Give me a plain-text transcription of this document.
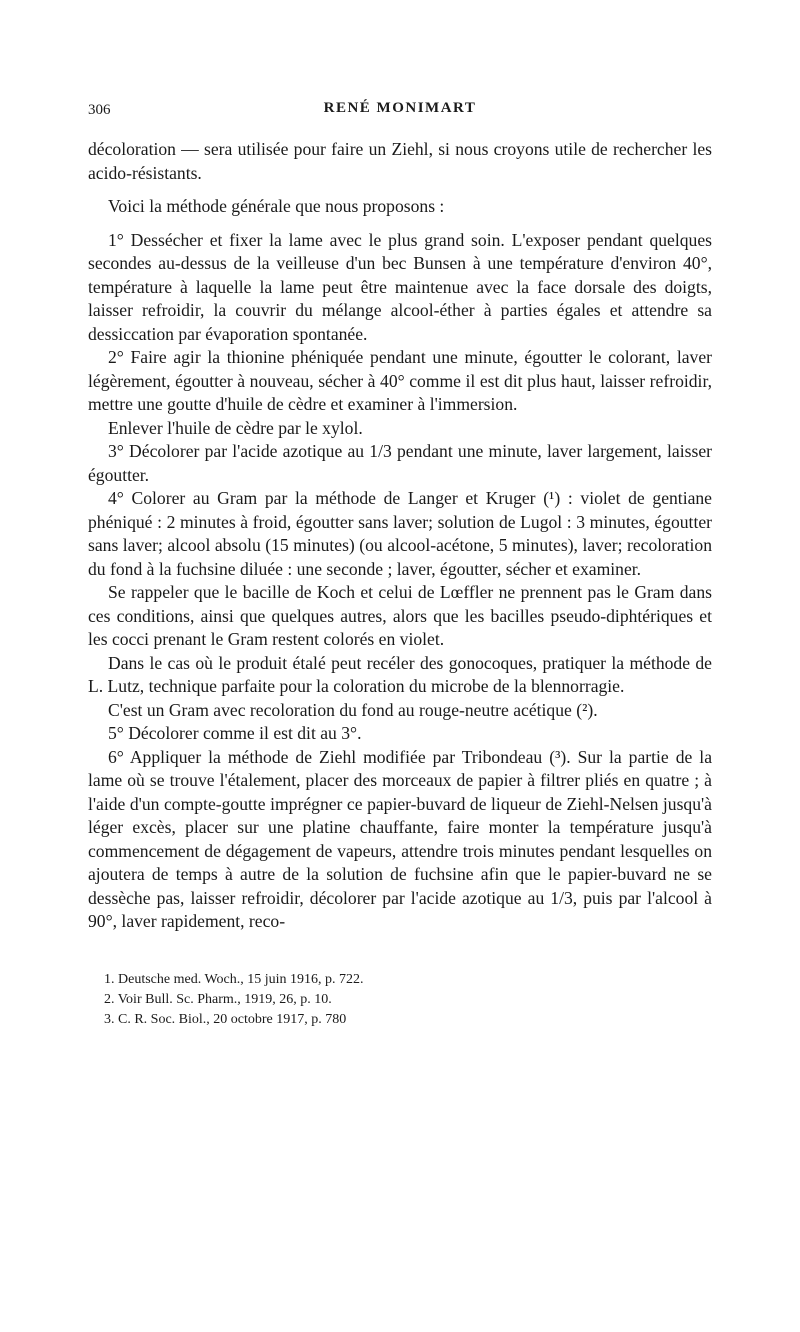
306	RENÉ MONIMART

décoloration — sera utilisée pour faire un Ziehl, si nous croyons utile de rechercher les acido-résistants.

Voici la méthode générale que nous proposons :

1° Dessécher et fixer la lame avec le plus grand soin. L'exposer pendant quelques secondes au-dessus de la veilleuse d'un bec Bunsen à une température d'environ 40°, température à laquelle la lame peut être maintenue avec la face dorsale des doigts, laisser refroidir, la couvrir du mélange alcool-éther à parties égales et attendre sa dessiccation par évaporation spontanée.

2° Faire agir la thionine phéniquée pendant une minute, égoutter le colorant, laver légèrement, égoutter à nouveau, sécher à 40° comme il est dit plus haut, laisser refroidir, mettre une goutte d'huile de cèdre et examiner à l'immersion.

Enlever l'huile de cèdre par le xylol.

3° Décolorer par l'acide azotique au 1/3 pendant une minute, laver largement, laisser égoutter.

4° Colorer au Gram par la méthode de Langer et Kruger (¹) : violet de gentiane phéniqué : 2 minutes à froid, égoutter sans laver; solution de Lugol : 3 minutes, égoutter sans laver; alcool absolu (15 minutes) (ou alcool-acétone, 5 minutes), laver; recoloration du fond à la fuchsine diluée : une seconde ; laver, égoutter, sécher et examiner.

Se rappeler que le bacille de Koch et celui de Lœffler ne prennent pas le Gram dans ces conditions, ainsi que quelques autres, alors que les bacilles pseudo-diphtériques et les cocci prenant le Gram restent colorés en violet.

Dans le cas où le produit étalé peut recéler des gonocoques, pratiquer la méthode de L. Lutz, technique parfaite pour la coloration du microbe de la blennorragie.

C'est un Gram avec recoloration du fond au rouge-neutre acétique (²).

5° Décolorer comme il est dit au 3°.

6° Appliquer la méthode de Ziehl modifiée par Tribondeau (³). Sur la partie de la lame où se trouve l'étalement, placer des morceaux de papier à filtrer pliés en quatre ; à l'aide d'un compte-goutte imprégner ce papier-buvard de liqueur de Ziehl-Nelsen jusqu'à léger excès, placer sur une platine chauffante, faire monter la température jusqu'à commencement de dégagement de vapeurs, attendre trois minutes pendant lesquelles on ajoutera de temps à autre de la solution de fuchsine afin que le papier-buvard ne se dessèche pas, laisser refroidir, décolorer par l'acide azotique au 1/3, puis par l'alcool à 90°, laver rapidement, reco-

1. Deutsche med. Woch., 15 juin 1916, p. 722.

2. Voir Bull. Sc. Pharm., 1919, 26, p. 10.

3. C. R. Soc. Biol., 20 octobre 1917, p. 780
